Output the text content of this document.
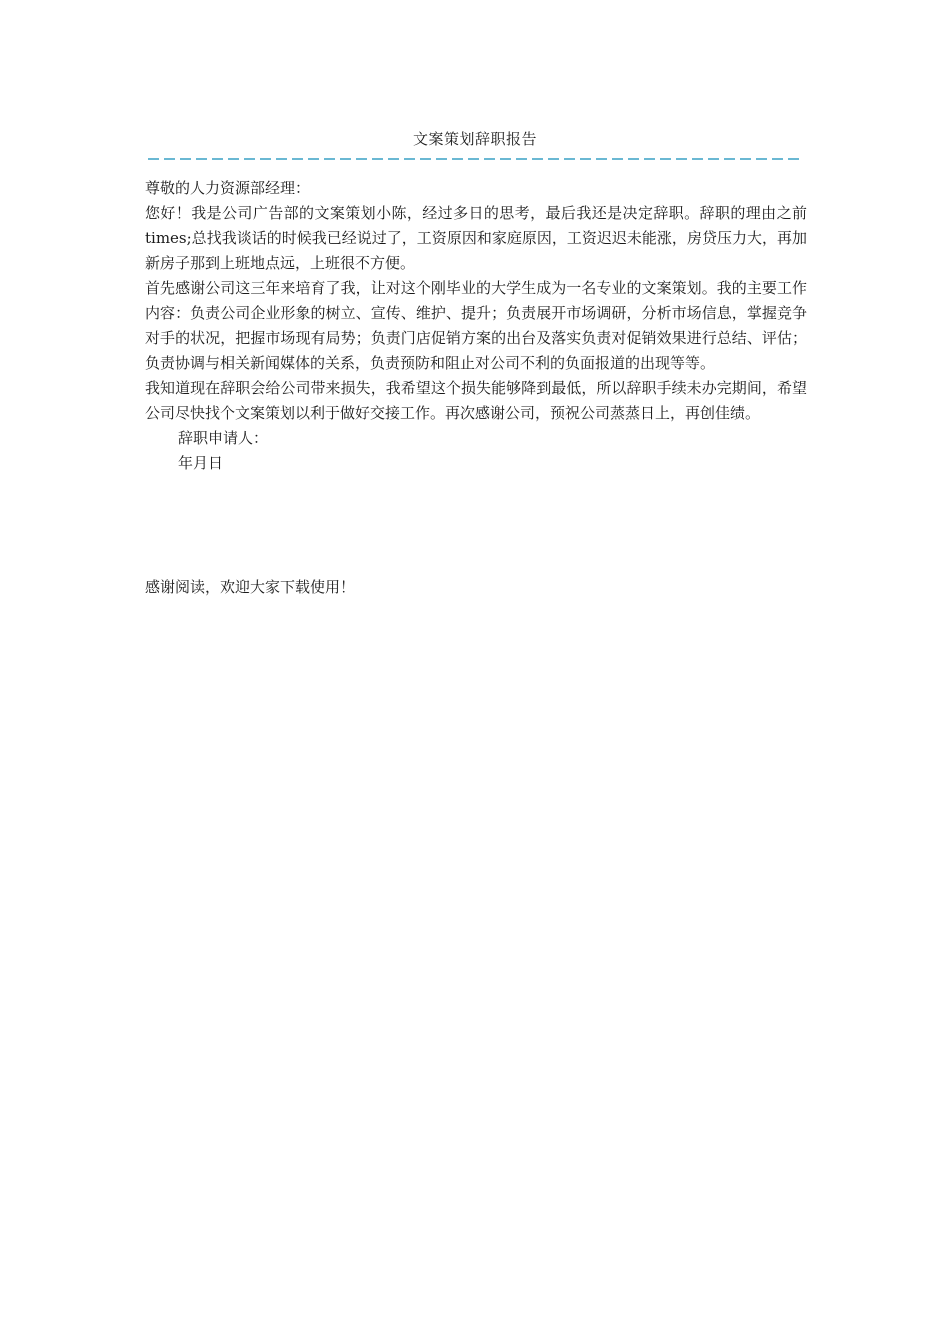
文案策划辞职报告

尊敬的人力资源部经理：

您好！我是公司广告部的文案策划小陈，经过多日的思考，最后我还是决定辞职。辞职的理由之前times;总找我谈话的时候我已经说过了，工资原因和家庭原因，工资迟迟未能涨，房贷压力大，再加新房子那到上班地点远，上班很不方便。

首先感谢公司这三年来培育了我，让对这个刚毕业的大学生成为一名专业的文案策划。我的主要工作内容：负责公司企业形象的树立、宣传、维护、提升；负责展开市场调研，分析市场信息，掌握竞争对手的状况，把握市场现有局势；负责门店促销方案的出台及落实负责对促销效果进行总结、评估；负责协调与相关新闻媒体的关系，负责预防和阻止对公司不利的负面报道的出现等等。

我知道现在辞职会给公司带来损失，我希望这个损失能够降到最低，所以辞职手续未办完期间，希望公司尽快找个文案策划以利于做好交接工作。再次感谢公司，预祝公司蒸蒸日上，再创佳绩。

辞职申请人：

年月日

感谢阅读，欢迎大家下载使用！
